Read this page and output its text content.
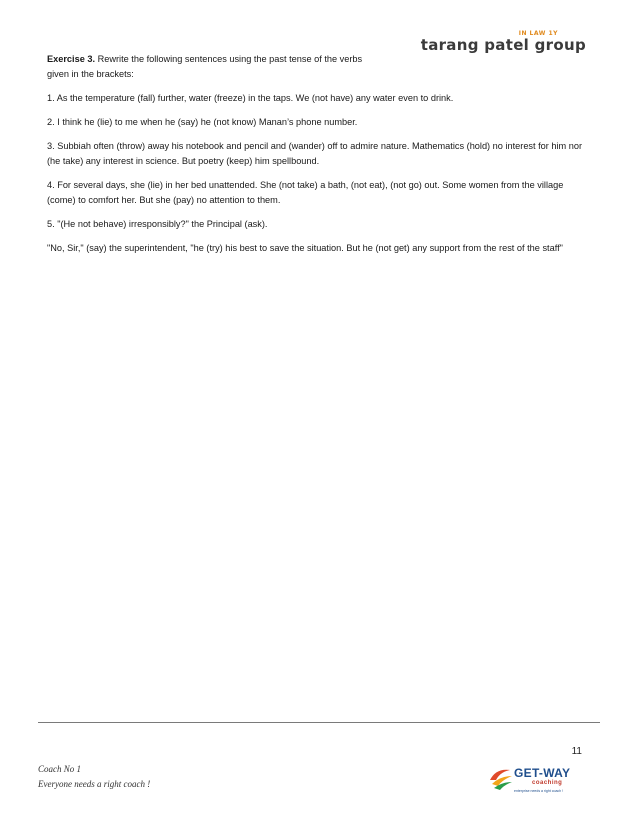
IN LAW 1Y
tarang patel group

Exercise 3. Rewrite the following sentences using the past tense of the verbs
given in the brackets:

1. As the temperature (fall) further, water (freeze) in the taps. We (not have) any water even to drink.

2. I think he (lie) to me when he (say) he (not know) Manan’s phone number.

3. Subbiah often (throw) away his notebook and pencil and (wander) off to admire nature. Mathematics (hold) no interest for him nor (he take) any interest in science. But poetry (keep) him spellbound.

4. For several days, she (lie) in her bed unattended. She (not take) a bath, (not eat), (not go) out. Some women from the village (come) to comfort her. But she (pay) no attention to them.

5. "(He not behave) irresponsibly?" the Principal (ask).

"No, Sir," (say) the superintendent, "he (try) his best to save the situation. But he (not get) any support from the rest of the staff"

11
Coach No 1
Everyone needs a right coach !
GET-WAY
coaching
enterprise needs a right coach !
